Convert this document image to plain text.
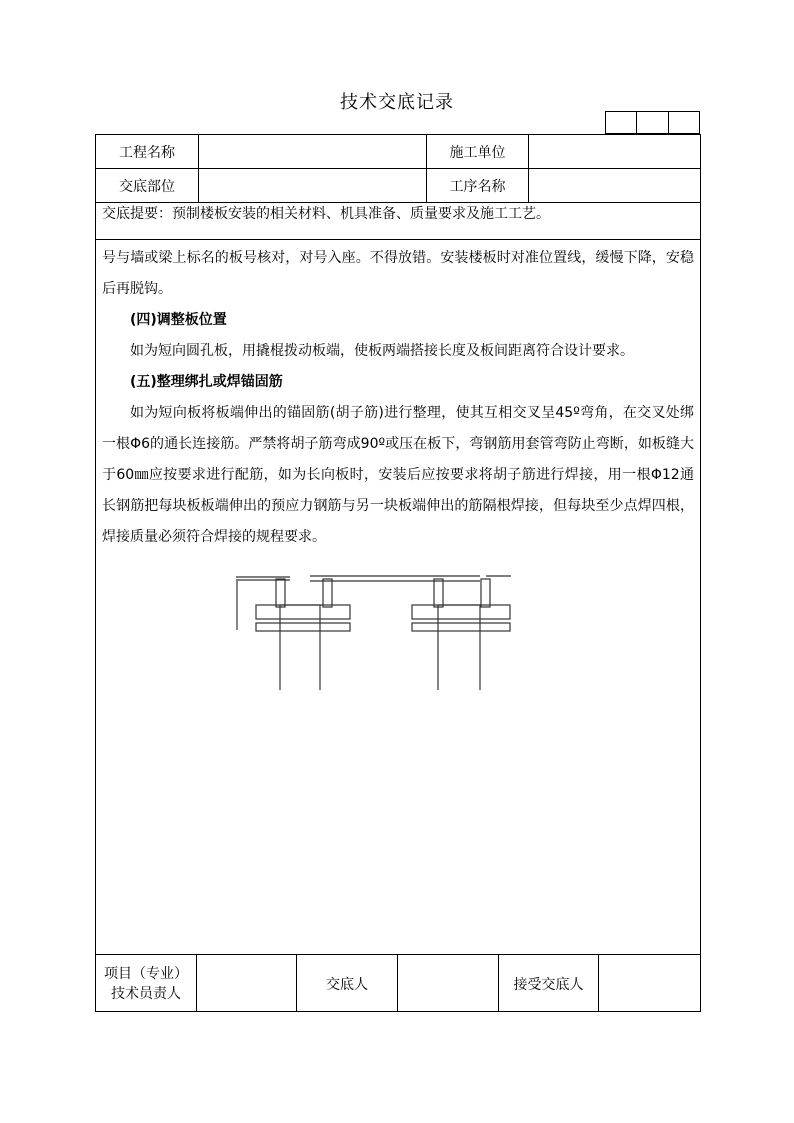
技术交底记录
工程名称	施工单位
交底部位	工序名称
交底提要：预制楼板安装的相关材料、机具准备、质量要求及施工工艺。

号与墙或梁上标名的板号核对，对号入座。不得放错。安装楼板时对准位置线，缓慢下降，安稳后再脱钩。

(四)调整板位置

如为短向圆孔板，用撬棍拨动板端，使板两端搭接长度及板间距离符合设计要求。

(五)整理绑扎或焊锚固筋

如为短向板将板端伸出的锚固筋(胡子筋)进行整理，使其互相交叉呈45º弯角，在交叉处绑一根Φ6的通长连接筋。严禁将胡子筋弯成90º或压在板下，弯钢筋用套管弯防止弯断，如板缝大于60㎜应按要求进行配筋，如为长向板时，安装后应按要求将胡子筋进行焊接，用一根Φ12通长钢筋把每块板板端伸出的预应力钢筋与另一块板端伸出的筋隔根焊接，但每块至少点焊四根，焊接质量必须符合焊接的规程要求。

项目（专业）
技术员责人
交底人	接受交底人
